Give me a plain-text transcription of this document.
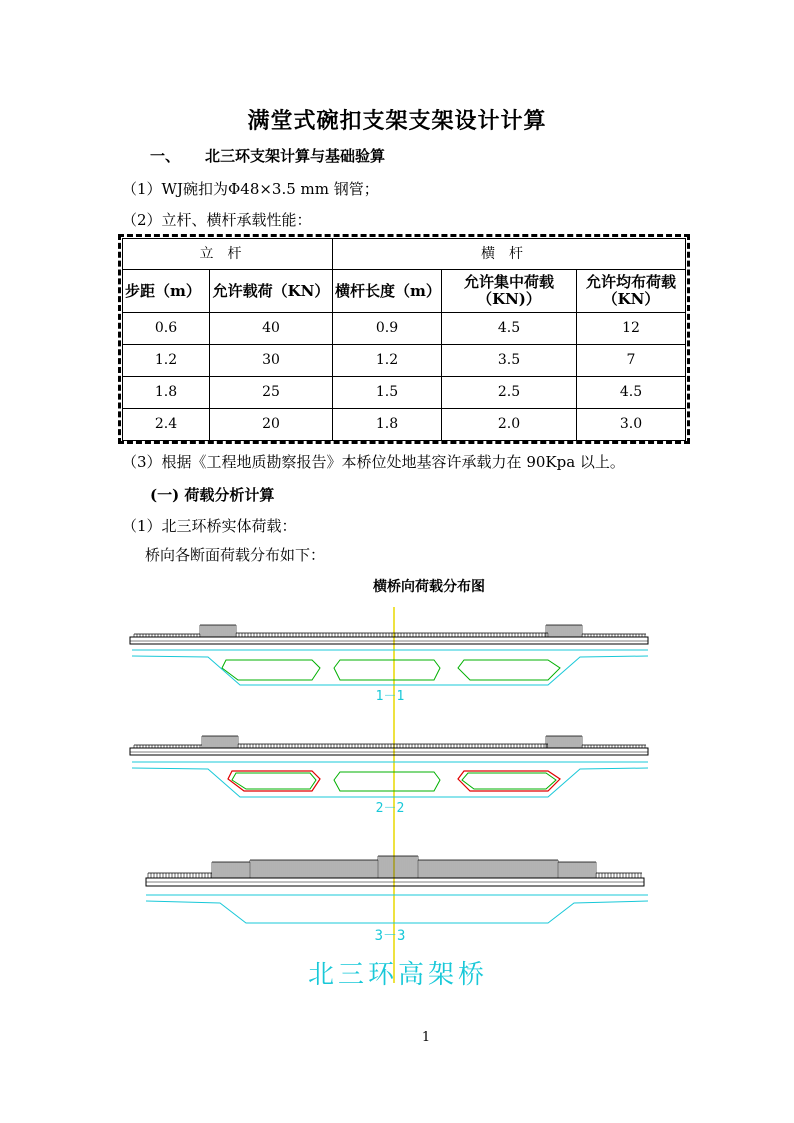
满堂式碗扣支架支架设计计算
一、 北三环支架计算与基础验算
（1）WJ碗扣为Φ48×3.5 mm 钢管；
（2）立杆、横杆承载性能：
立杆		横杆		
步距（m）	允许载荷（KN）	横杆长度（m）	允许集中荷载（KN)）	允许均布荷载（KN）
0.6	40	0.9	4.5	12
1.2	30	1.2	3.5	7
1.8	25	1.5	2.5	4.5
2.4	20	1.8	2.0	3.0
（3）根据《工程地质勘察报告》本桥位处地基容许承载力在 90Kpa 以上。
(一) 荷载分析计算
（1）北三环桥实体荷载：
桥向各断面荷载分布如下：
横桥向荷载分布图
1－1
2－2
3－3
北三环高架桥
1
